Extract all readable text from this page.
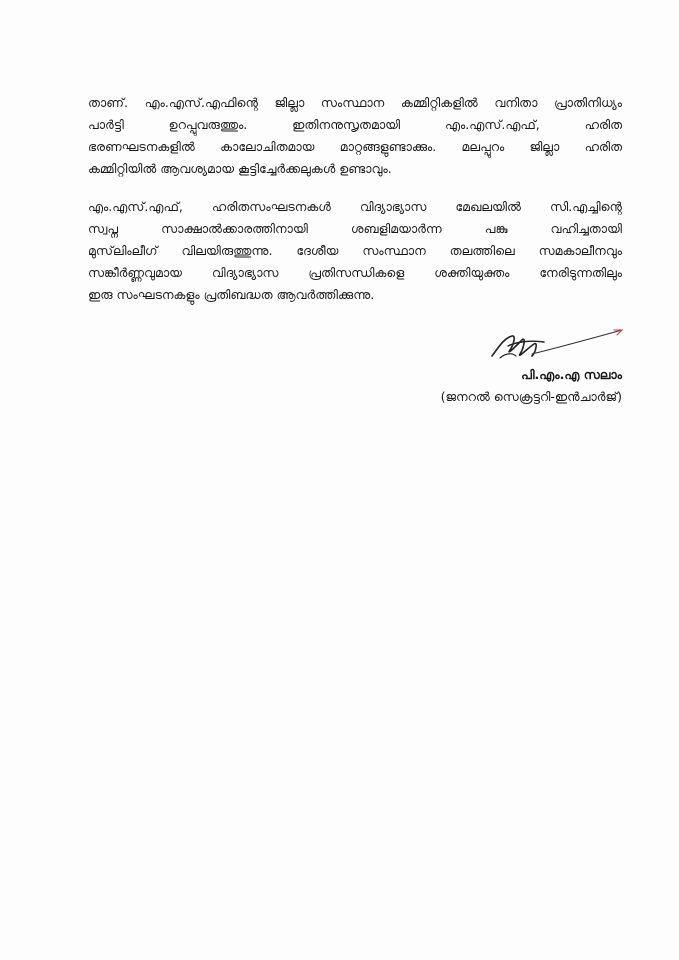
താണ്. എം.എസ്.എഫിന്റെ ജില്ലാ സംസ്ഥാന കമ്മിറ്റികളിൽ വനിതാ പ്രാതിനിധ്യം
പാർട്ടി ഉറപ്പുവരുത്തും. ഇതിനനുസൃതമായി എം.എസ്.എഫ്, ഹരിത
ഭരണഘടനകളിൽ കാലോചിതമായ മാറ്റങ്ങളുണ്ടാക്കും. മലപ്പുറം ജില്ലാ ഹരിത
കമ്മിറ്റിയിൽ ആവശ്യമായ കൂട്ടിച്ചേർക്കലുകൾ ഉണ്ടാവും.
എം.എസ്.എഫ്, ഹരിതസംഘടനകൾ വിദ്യാഭ്യാസ മേഖലയിൽ സി.എച്ചിന്റെ
സ്വപ്ന സാക്ഷാൽക്കാരത്തിനായി ശബളിമയാർന്ന പങ്കു വഹിച്ചതായി
മുസ്‌ലിംലീഗ് വിലയിരുത്തുന്നു. ദേശീയ സംസ്ഥാന തലത്തിലെ സമകാലീനവും
സങ്കീർണ്ണവുമായ വിദ്യാഭ്യാസ പ്രതിസന്ധികളെ ശക്തിയുക്തം നേരിടുന്നതിലും
ഇരു സംഘടനകളും പ്രതിബദ്ധത ആവർത്തിക്കുന്നു.
പി.എം.എ സലാം
(ജനറൽ സെക്രട്ടറി-ഇൻചാർജ്)
